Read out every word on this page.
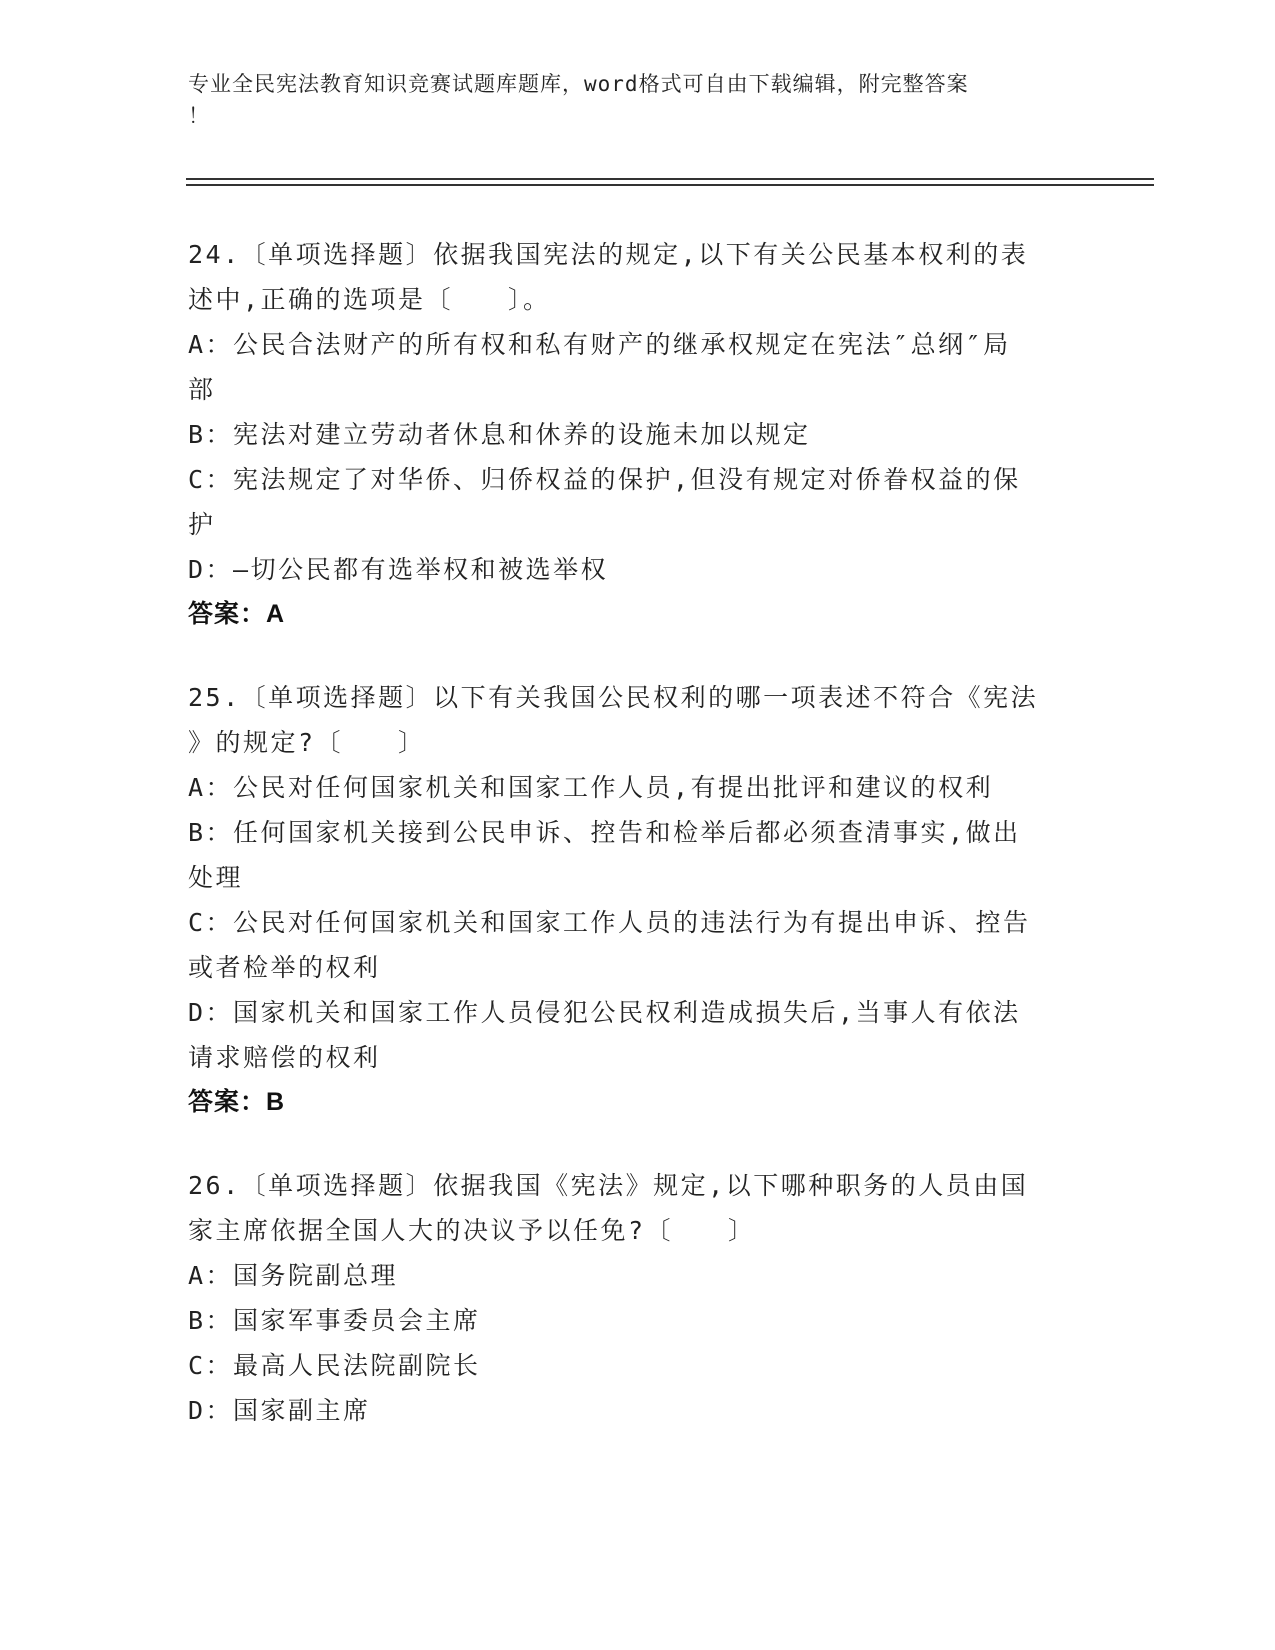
专业全民宪法教育知识竞赛试题库题库，word格式可自由下载编辑，附完整答案
！
24.〔单项选择题〕依据我国宪法的规定,以下有关公民基本权利的表
述中,正确的选项是〔　　〕。
A：公民合法财产的所有权和私有财产的继承权规定在宪法″总纲″局
部
B：宪法对建立劳动者休息和休养的设施未加以规定
C：宪法规定了对华侨、归侨权益的保护,但没有规定对侨眷权益的保
护
D：—切公民都有选举权和被选举权
答案：A
25.〔单项选择题〕以下有关我国公民权利的哪一项表述不符合《宪法
》的规定?〔　　〕
A：公民对任何国家机关和国家工作人员,有提出批评和建议的权利
B：任何国家机关接到公民申诉、控告和检举后都必须查清事实,做出
处理
C：公民对任何国家机关和国家工作人员的违法行为有提出申诉、控告
或者检举的权利
D：国家机关和国家工作人员侵犯公民权利造成损失后,当事人有依法
请求赔偿的权利
答案：B
26.〔单项选择题〕依据我国《宪法》规定,以下哪种职务的人员由国
家主席依据全国人大的决议予以任免?〔　　〕
A：国务院副总理
B：国家军事委员会主席
C：最高人民法院副院长
D：国家副主席
